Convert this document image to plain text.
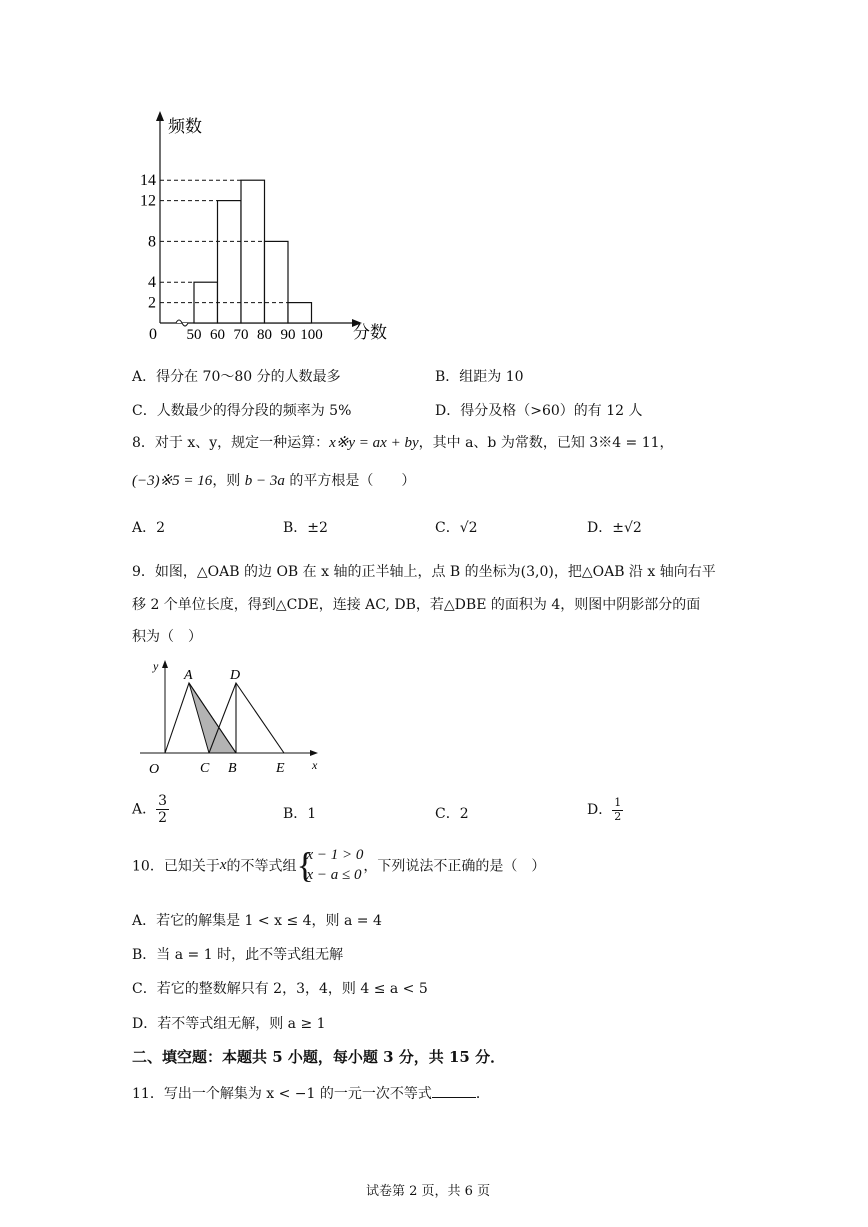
14
12
8
4
2
50 60 70 80 90 100
频数
分数
0
A．得分在 70～80 分的人数最多	B．组距为 10
C．人数最少的得分段的频率为 5%	D．得分及格（>60）的有 12 人
8．对于 x、y，规定一种运算：x※y = ax + by，其中 a、b 为常数，已知 3※4 = 11，
(−3)※5 = 16，则 b − 3a 的平方根是（　　）
A．2	B．±2	C．√2	D．±√2
9．如图，△OAB 的边 OB 在 x 轴的正半轴上，点 B 的坐标为(3,0)，把△OAB 沿 x 轴向右平
移 2 个单位长度，得到△CDE，连接 AC, DB，若△DBE 的面积为 4，则图中阴影部分的面
积为（　）
y
x
O
A	D
C B	E
A． $\frac{3}{2}$	B．1	C．2	D． $\frac{1}{2}$
10．已知关于x的不等式组 {
x − 1 > 0
x − a ≤ 0
，下列说法不正确的是（　）
A．若它的解集是 1 < x ≤ 4，则 a = 4
B．当 a = 1 时，此不等式组无解
C．若它的整数解只有 2，3，4，则 4 ≤ a < 5
D．若不等式组无解，则 a ≥ 1
二、填空题：本题共 5 小题，每小题 3 分，共 15 分．
11．写出一个解集为 x < −1 的一元一次不等式	．
试卷第 2 页，共 6 页
